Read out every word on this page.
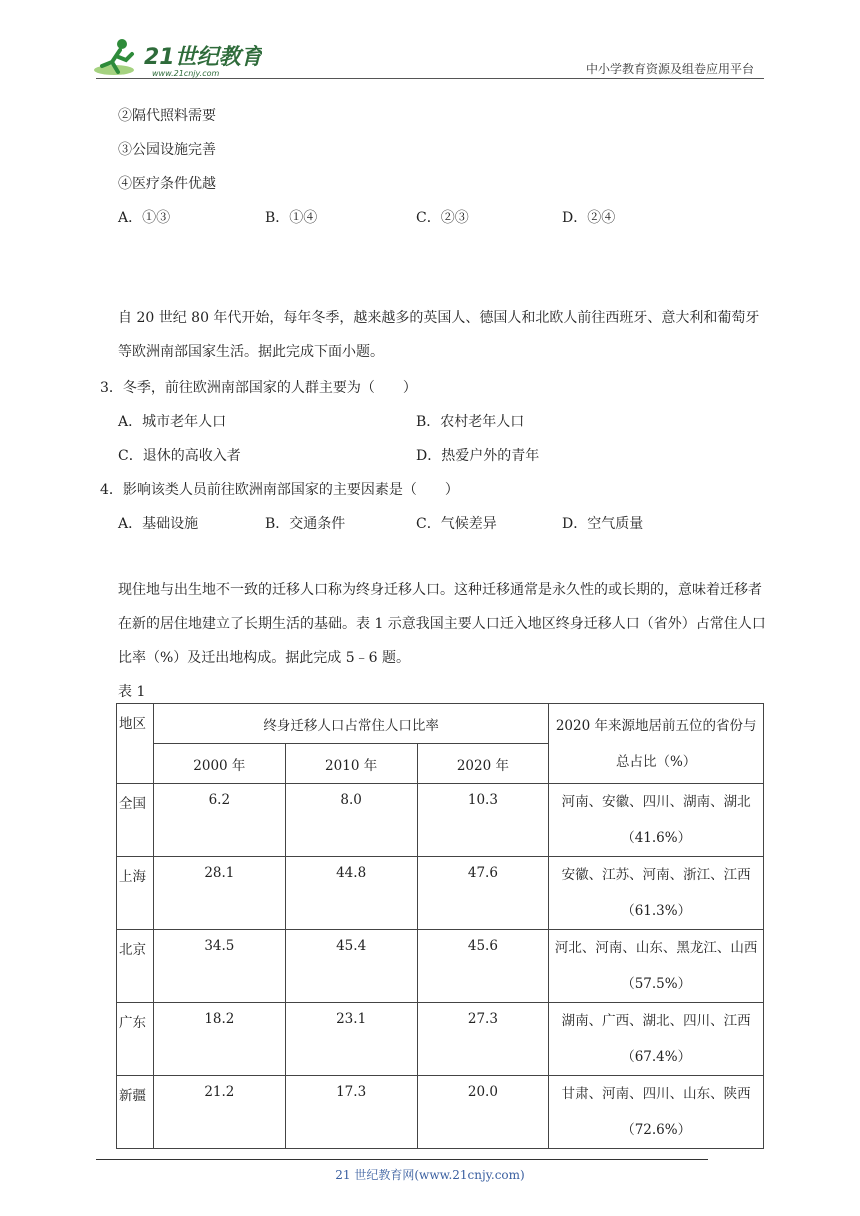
21世纪教育
www.21cnjy.com	中小学教育资源及组卷应用平台
②隔代照料需要
③公园设施完善
④医疗条件优越
A．①③	B．①④	C．②③	D．②④
自 20 世纪 80 年代开始，每年冬季，越来越多的英国人、德国人和北欧人前往西班牙、意大利和葡萄牙等欧洲南部国家生活。据此完成下面小题。
3．冬季，前往欧洲南部国家的人群主要为（　　）
A．城市老年人口	B．农村老年人口
C．退休的高收入者	D．热爱户外的青年
4．影响该类人员前往欧洲南部国家的主要因素是（　　）
A．基础设施	B．交通条件	C．气候差异	D．空气质量
现住地与出生地不一致的迁移人口称为终身迁移人口。这种迁移通常是永久性的或长期的，意味着迁移者在新的居住地建立了长期生活的基础。表 1 示意我国主要人口迁入地区终身迁移人口（省外）占常住人口比率（%）及迁出地构成。据此完成 5﹣6 题。
表 1
地区	终身迁移人口占常住人口比率			2020 年来源地居前五位的省份与总占比（%）
	2000 年	2010 年	2020 年	
全国	6.2	8.0	10.3	河南、安徽、四川、湖南、湖北（41.6%）
上海	28.1	44.8	47.6	安徽、江苏、河南、浙江、江西（61.3%）
北京	34.5	45.4	45.6	河北、河南、山东、黑龙江、山西（57.5%）
广东	18.2	23.1	27.3	湖南、广西、湖北、四川、江西（67.4%）
新疆	21.2	17.3	20.0	甘肃、河南、四川、山东、陕西（72.6%）
21 世纪教育网(www.21cnjy.com)
